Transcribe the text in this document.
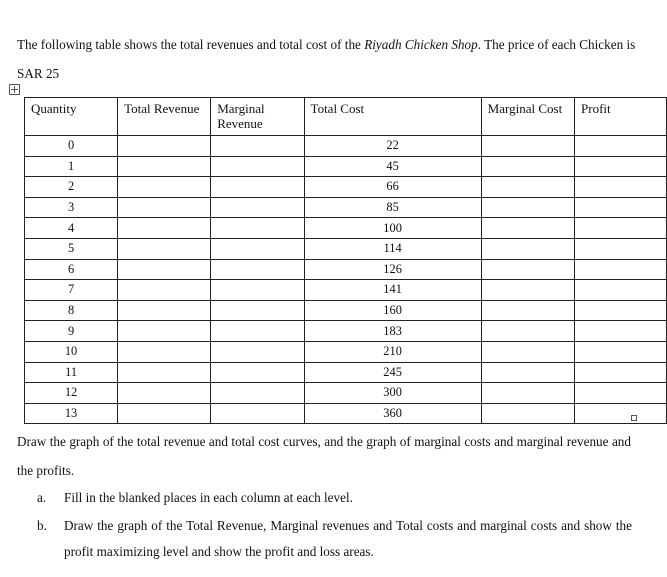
The following table shows the total revenues and total cost of the Riyadh Chicken Shop. The price of each Chicken is SAR 25
Quantity	Total Revenue	Marginal Revenue	Total Cost	Marginal Cost	Profit
0			22		
1			45		
2			66		
3			85		
4			100		
5			114		
6			126		
7			141		
8			160		
9			183		
10			210		
11			245		
12			300		
13			360		
Draw the graph of the total revenue and total cost curves, and the graph of marginal costs and marginal revenue and the profits.
a. Fill in the blanked places in each column at each level.
b. Draw the graph of the Total Revenue, Marginal revenues and Total costs and marginal costs and show the profit maximizing level and show the profit and loss areas.
